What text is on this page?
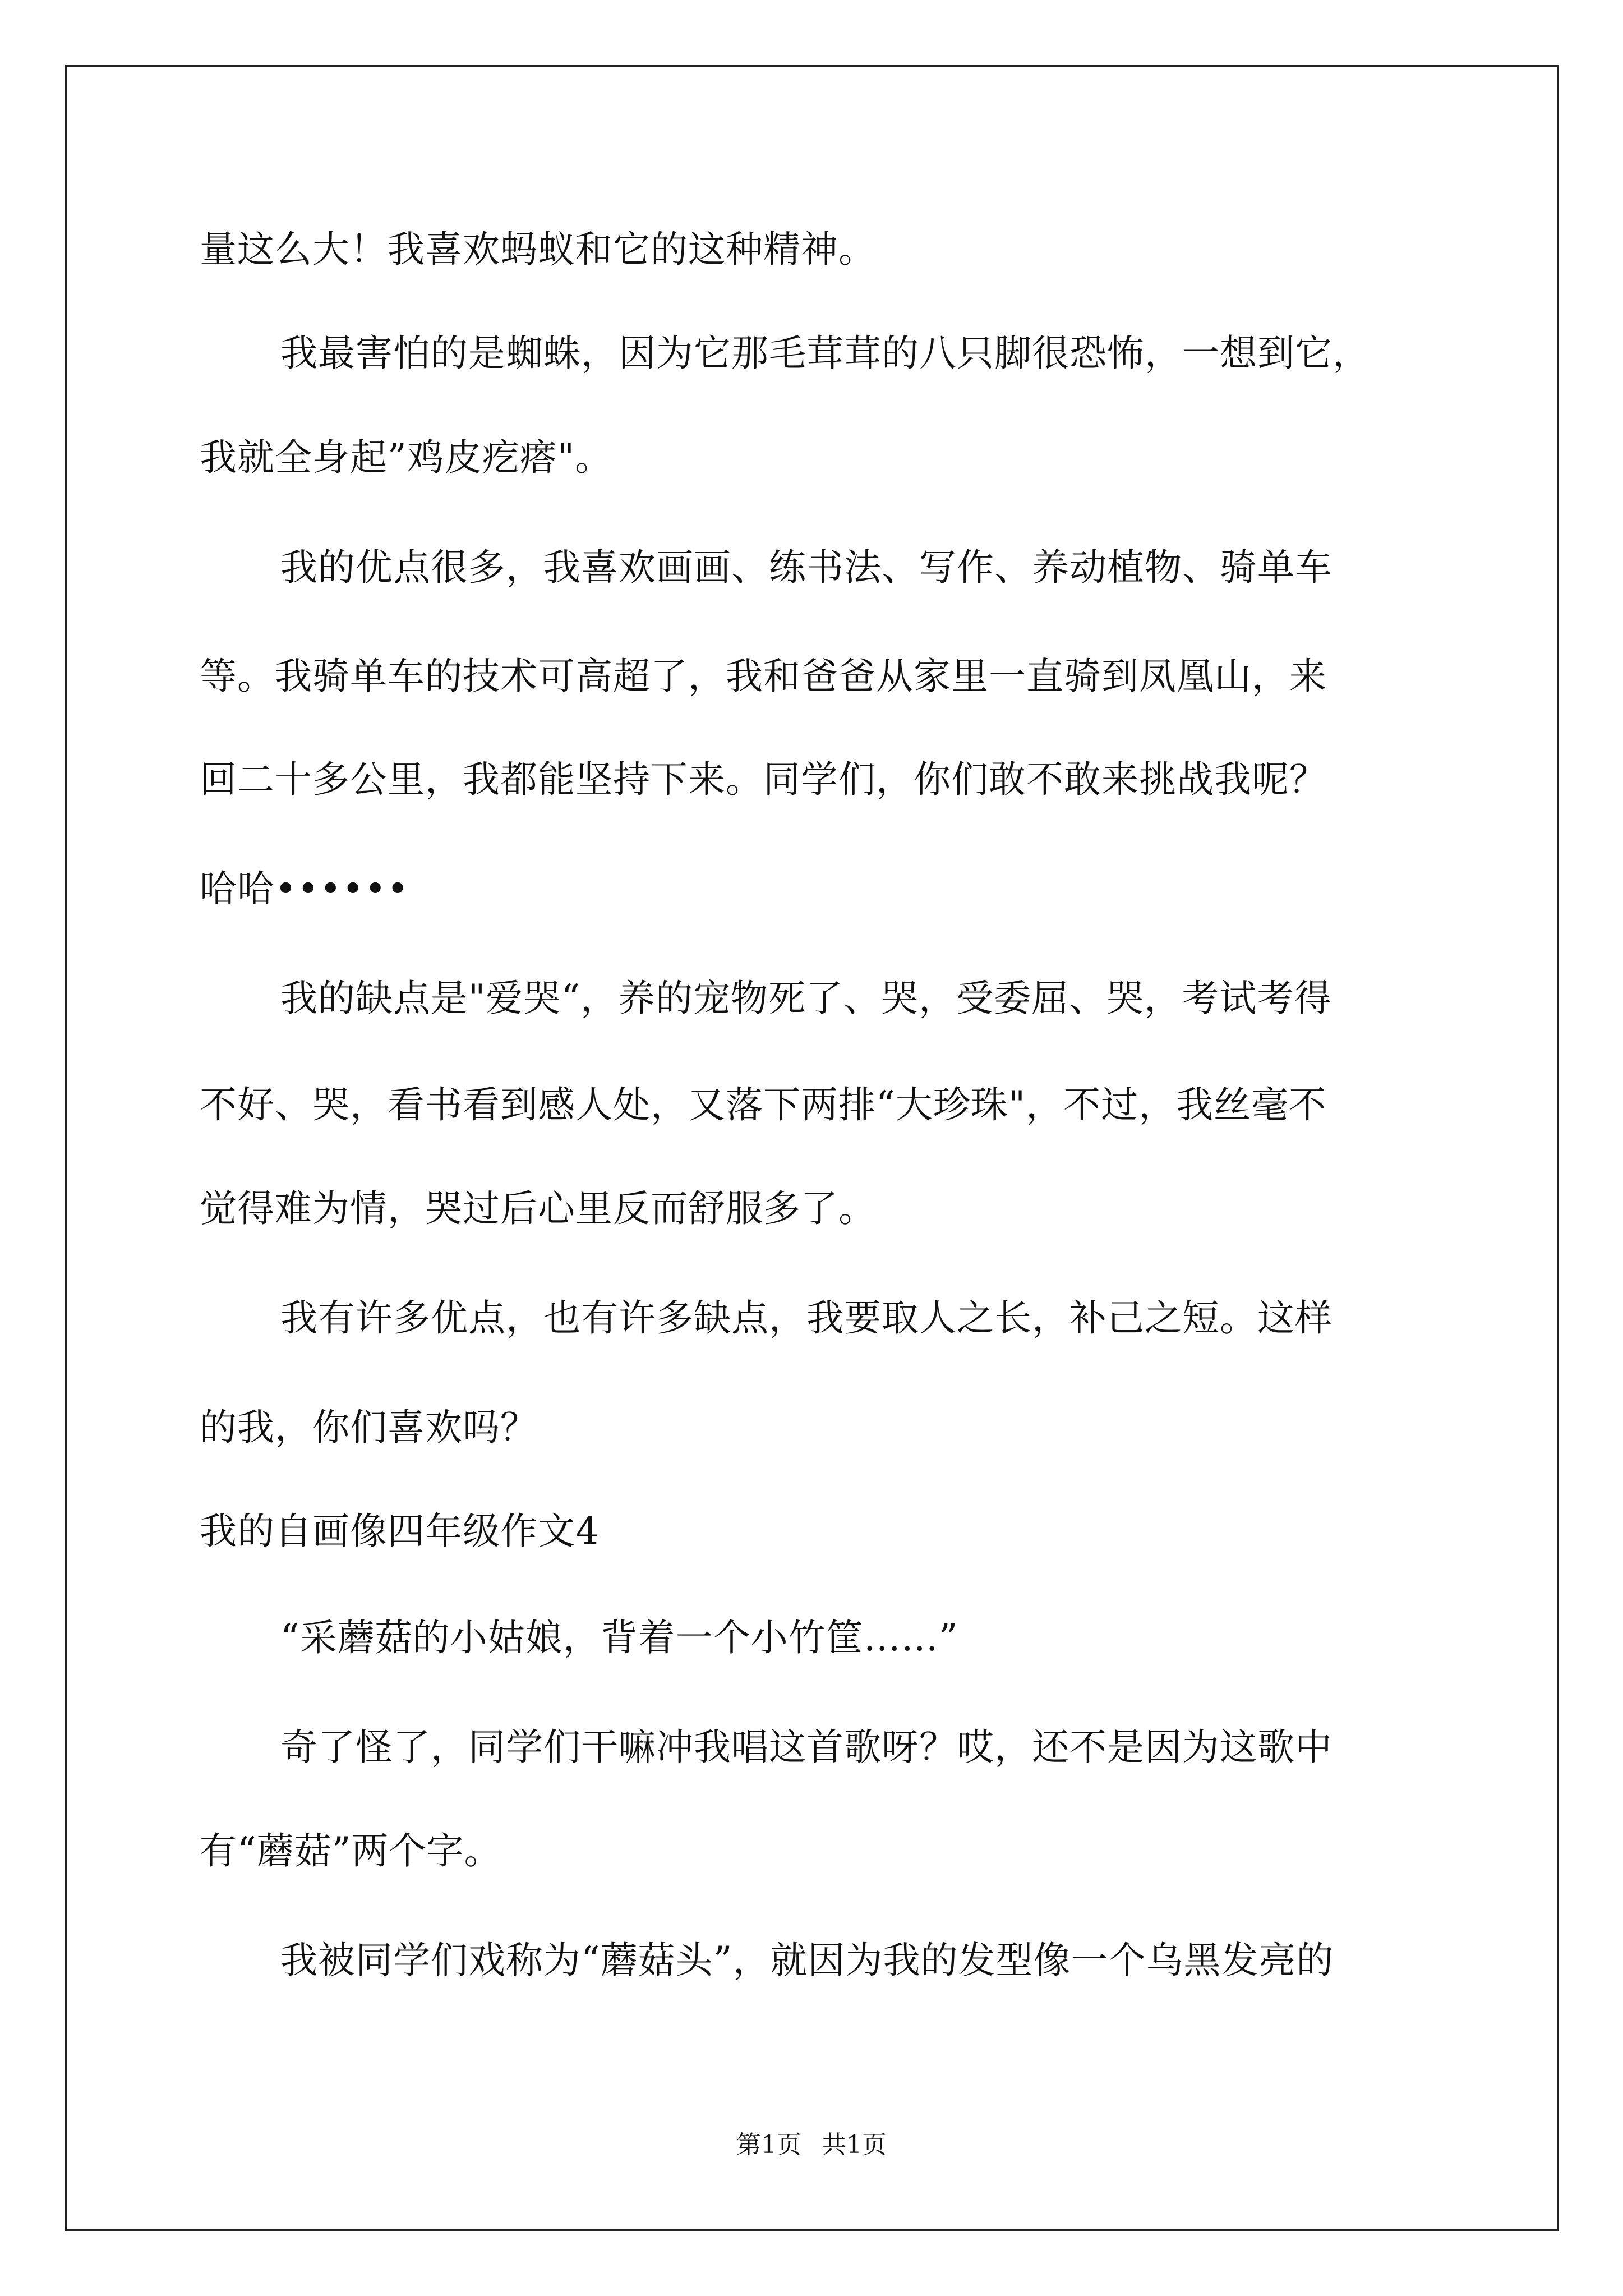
量这么大！我喜欢蚂蚁和它的这种精神。
我最害怕的是蜘蛛，因为它那毛茸茸的八只脚很恐怖，一想到它，
我就全身起”鸡皮疙瘩"。
我的优点很多，我喜欢画画、练书法、写作、养动植物、骑单车
等。我骑单车的技术可高超了，我和爸爸从家里一直骑到凤凰山，来
回二十多公里，我都能坚持下来。同学们，你们敢不敢来挑战我呢？
哈哈••••••
我的缺点是"爱哭“，养的宠物死了、哭，受委屈、哭，考试考得
不好、哭，看书看到感人处，又落下两排“大珍珠"，不过，我丝毫不
觉得难为情，哭过后心里反而舒服多了。
我有许多优点，也有许多缺点，我要取人之长，补己之短。这样
的我，你们喜欢吗？
我的自画像四年级作文4
“采蘑菇的小姑娘，背着一个小竹筐……”
奇了怪了，同学们干嘛冲我唱这首歌呀？哎，还不是因为这歌中
有“蘑菇”两个字。
我被同学们戏称为“蘑菇头”，就因为我的发型像一个乌黑发亮的
第1页 共1页
